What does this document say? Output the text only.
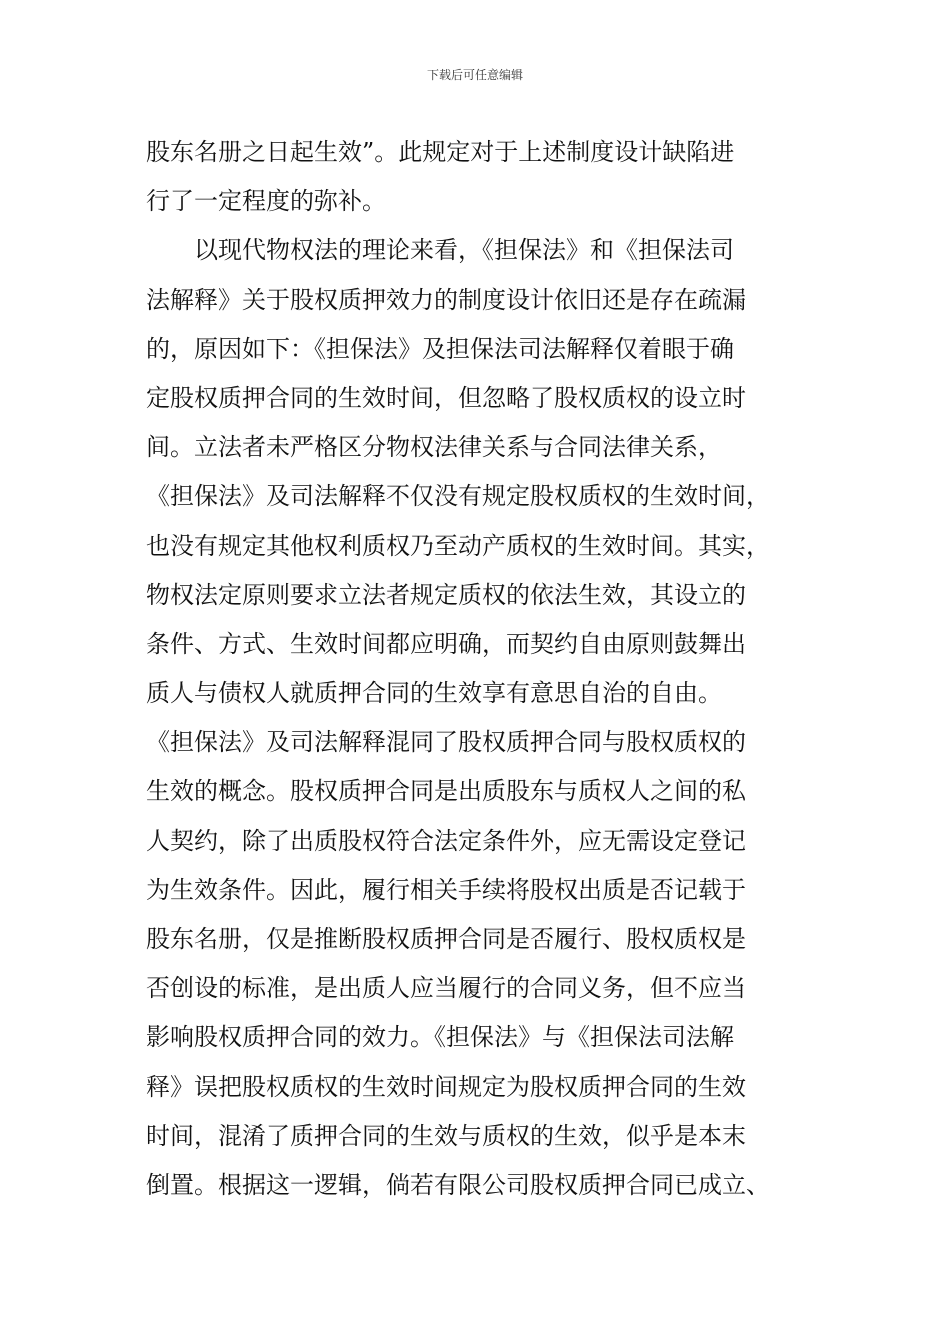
下载后可任意编辑
股东名册之日起生效”。此规定对于上述制度设计缺陷进
行了一定程度的弥补。
　　以现代物权法的理论来看，《担保法》和《担保法司
法解释》关于股权质押效力的制度设计依旧还是存在疏漏
的，原因如下：《担保法》及担保法司法解释仅着眼于确
定股权质押合同的生效时间，但忽略了股权质权的设立时
间。立法者未严格区分物权法律关系与合同法律关系，
《担保法》及司法解释不仅没有规定股权质权的生效时间，
也没有规定其他权利质权乃至动产质权的生效时间。其实，
物权法定原则要求立法者规定质权的依法生效，其设立的
条件、方式、生效时间都应明确，而契约自由原则鼓舞出
质人与债权人就质押合同的生效享有意思自治的自由。
《担保法》及司法解释混同了股权质押合同与股权质权的
生效的概念。股权质押合同是出质股东与质权人之间的私
人契约，除了出质股权符合法定条件外，应无需设定登记
为生效条件。因此，履行相关手续将股权出质是否记载于
股东名册，仅是推断股权质押合同是否履行、股权质权是
否创设的标准，是出质人应当履行的合同义务，但不应当
影响股权质押合同的效力。《担保法》与《担保法司法解
释》误把股权质权的生效时间规定为股权质押合同的生效
时间，混淆了质押合同的生效与质权的生效，似乎是本末
倒置。根据这一逻辑，倘若有限公司股权质押合同已成立、
